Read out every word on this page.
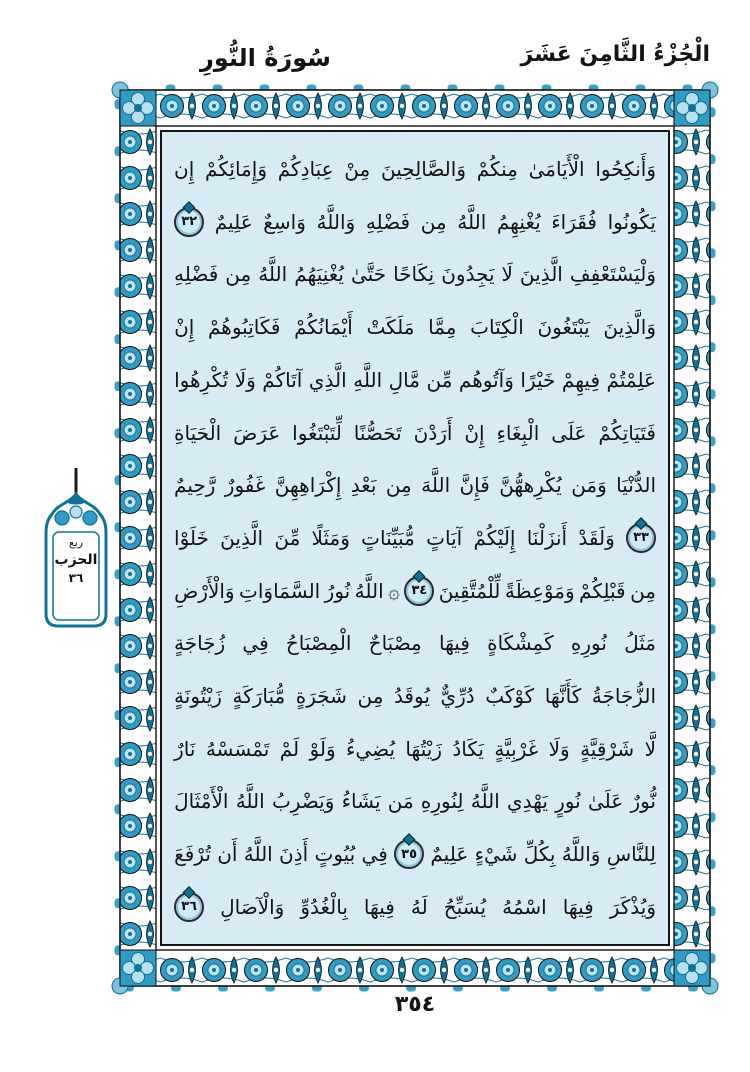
الْجُزْءُ الثَّامِنَ عَشَرَ
سُورَةُ النُّورِ
وَأَنكِحُوا
الْأَيَامَىٰ
مِنكُمْ
وَالصَّالِحِينَ
مِنْ
عِبَادِكُمْ
وَإِمَائِكُمْ
إِن
يَكُونُوا
فُقَرَاءَ
يُغْنِهِمُ
اللَّهُ
مِن
فَضْلِهِ
وَاللَّهُ
وَاسِعٌ
عَلِيمٌ
٣٢
وَلْيَسْتَعْفِفِ
الَّذِينَ
لَا
يَجِدُونَ
نِكَاحًا
حَتَّىٰ
يُغْنِيَهُمُ
اللَّهُ
مِن
فَضْلِهِ
وَالَّذِينَ
يَبْتَغُونَ
الْكِتَابَ
مِمَّا
مَلَكَتْ
أَيْمَانُكُمْ
فَكَاتِبُوهُمْ
إِنْ
عَلِمْتُمْ
فِيهِمْ
خَيْرًا
وَآتُوهُم
مِّن
مَّالِ
اللَّهِ
الَّذِي
آتَاكُمْ
وَلَا
تُكْرِهُوا
فَتَيَاتِكُمْ
عَلَى
الْبِغَاءِ
إِنْ
أَرَدْنَ
تَحَصُّنًا
لِّتَبْتَغُوا
عَرَضَ
الْحَيَاةِ
الدُّنْيَا
وَمَن
يُكْرِههُّنَّ
فَإِنَّ
اللَّهَ
مِن
بَعْدِ
إِكْرَاهِهِنَّ
غَفُورٌ
رَّحِيمٌ
٣٣
وَلَقَدْ
أَنزَلْنَا
إِلَيْكُمْ
آيَاتٍ
مُّبَيِّنَاتٍ
وَمَثَلًا
مِّنَ
الَّذِينَ
خَلَوْا
مِن
قَبْلِكُمْ
وَمَوْعِظَةً
لِّلْمُتَّقِينَ
٣٤
۞
اللَّهُ
نُورُ
السَّمَاوَاتِ
وَالْأَرْضِ
مَثَلُ
نُورِهِ
كَمِشْكَاةٍ
فِيهَا
مِصْبَاحٌ
الْمِصْبَاحُ
فِي
زُجَاجَةٍ
الزُّجَاجَةُ
كَأَنَّهَا
كَوْكَبٌ
دُرِّيٌّ
يُوقَدُ
مِن
شَجَرَةٍ
مُّبَارَكَةٍ
زَيْتُونَةٍ
لَّا
شَرْقِيَّةٍ
وَلَا
غَرْبِيَّةٍ
يَكَادُ
زَيْتُهَا
يُضِيءُ
وَلَوْ
لَمْ
تَمْسَسْهُ
نَارٌ
نُّورٌ
عَلَىٰ
نُورٍ
يَهْدِي
اللَّهُ
لِنُورِهِ
مَن
يَشَاءُ
وَيَضْرِبُ
اللَّهُ
الْأَمْثَالَ
لِلنَّاسِ
وَاللَّهُ
بِكُلِّ
شَيْءٍ
عَلِيمٌ
٣٥
فِي
بُيُوتٍ
أَذِنَ
اللَّهُ
أَن
تُرْفَعَ
وَيُذْكَرَ
فِيهَا
اسْمُهُ
يُسَبِّحُ
لَهُ
فِيهَا
بِالْغُدُوِّ
وَالْآصَالِ
٣٦
ربع
الحزب
٣٦
٣٥٤
